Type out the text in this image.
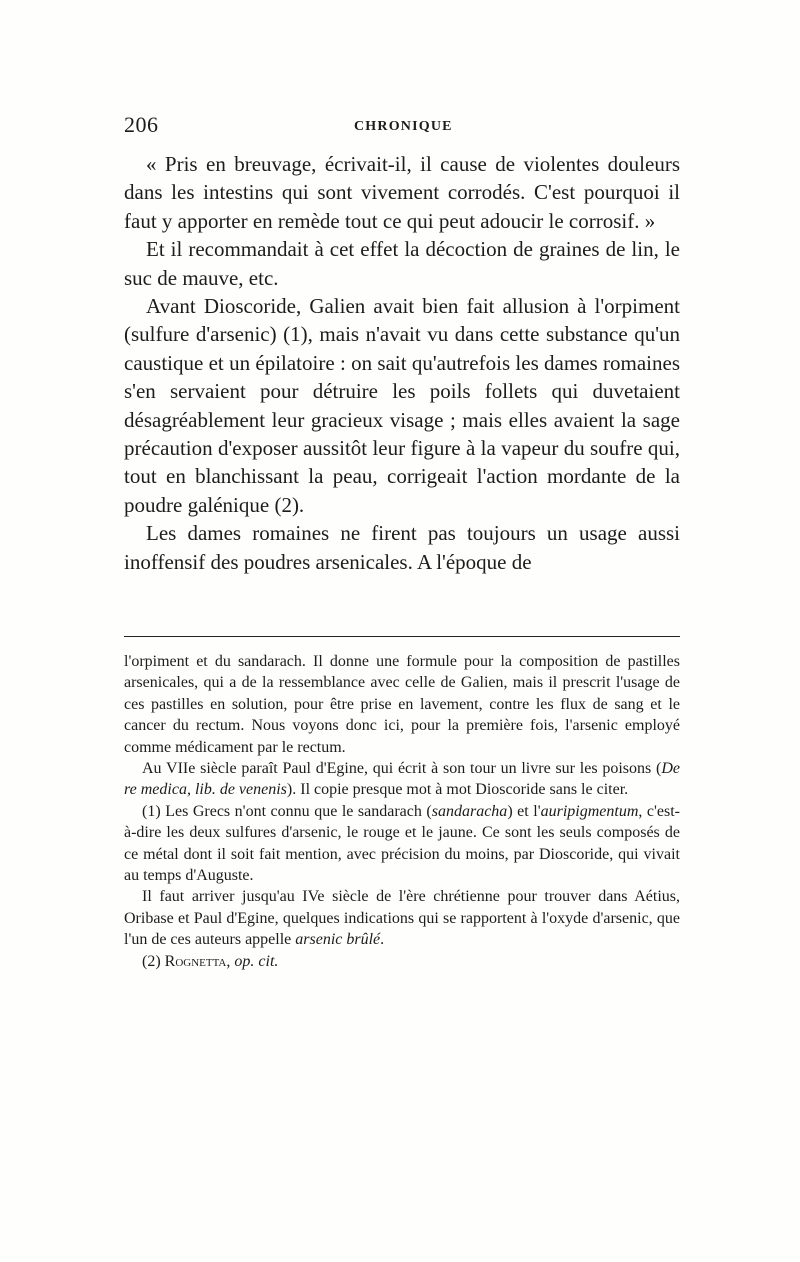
206	CHRONIQUE

« Pris en breuvage, écrivait-il, il cause de violentes douleurs dans les intestins qui sont vivement corrodés. C'est pourquoi il faut y apporter en remède tout ce qui peut adoucir le corrosif. »

Et il recommandait à cet effet la décoction de graines de lin, le suc de mauve, etc.

Avant Dioscoride, Galien avait bien fait allusion à l'orpiment (sulfure d'arsenic) (1), mais n'avait vu dans cette substance qu'un caustique et un épilatoire : on sait qu'autrefois les dames romaines s'en servaient pour détruire les poils follets qui duvetaient désagréablement leur gracieux visage ; mais elles avaient la sage précaution d'exposer aussitôt leur figure à la vapeur du soufre qui, tout en blanchissant la peau, corrigeait l'action mordante de la poudre galénique (2).

Les dames romaines ne firent pas toujours un usage aussi inoffensif des poudres arsenicales. A l'époque de

l'orpiment et du sandarach. Il donne une formule pour la composition de pastilles arsenicales, qui a de la ressemblance avec celle de Galien, mais il prescrit l'usage de ces pastilles en solution, pour être prise en lavement, contre les flux de sang et le cancer du rectum. Nous voyons donc ici, pour la première fois, l'arsenic employé comme médicament par le rectum.

Au VIIe siècle paraît Paul d'Egine, qui écrit à son tour un livre sur les poisons (De re medica, lib. de venenis). Il copie presque mot à mot Dioscoride sans le citer.

(1) Les Grecs n'ont connu que le sandarach (sandaracha) et l'auripigmentum, c'est-à-dire les deux sulfures d'arsenic, le rouge et le jaune. Ce sont les seuls composés de ce métal dont il soit fait mention, avec précision du moins, par Dioscoride, qui vivait au temps d'Auguste.

Il faut arriver jusqu'au IVe siècle de l'ère chrétienne pour trouver dans Aétius, Oribase et Paul d'Egine, quelques indications qui se rapportent à l'oxyde d'arsenic, que l'un de ces auteurs appelle arsenic brûlé.

(2) Rognetta, op. cit.
